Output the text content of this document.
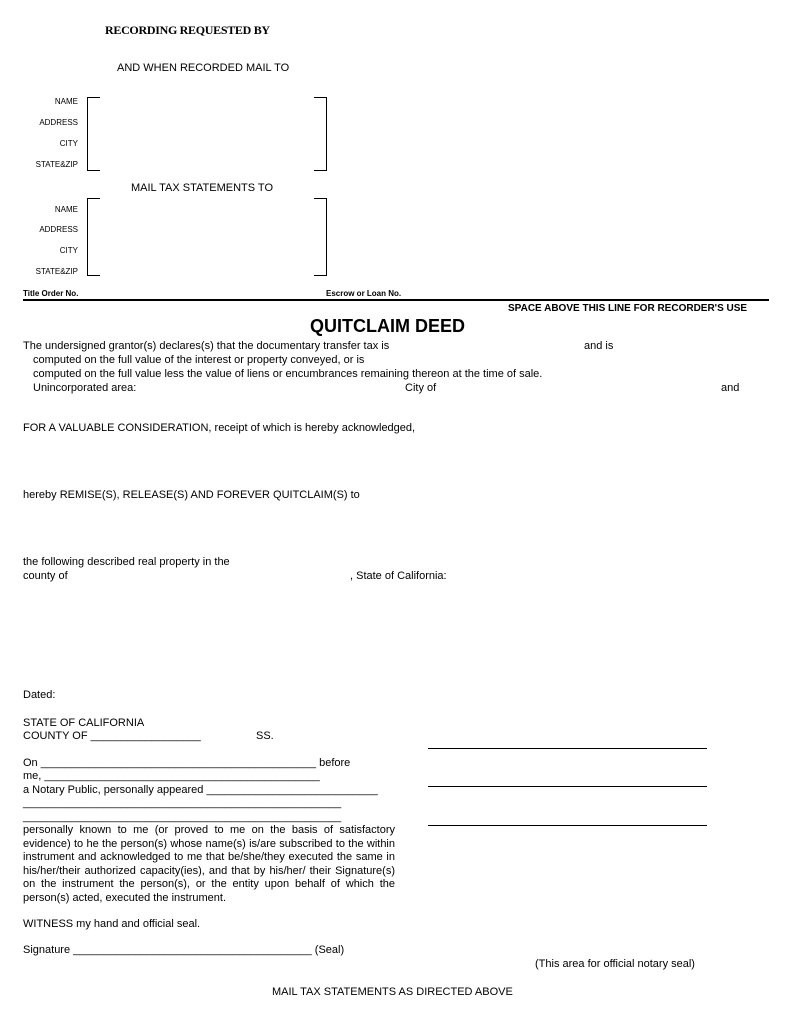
RECORDING REQUESTED BY
AND WHEN RECORDED MAIL TO
NAME
ADDRESS
CITY
STATE&ZIP
MAIL TAX STATEMENTS TO
NAME
ADDRESS
CITY
STATE&ZIP
Title Order No.	Escrow or Loan No.
SPACE ABOVE THIS LINE FOR RECORDER'S USE
QUITCLAIM DEED
The undersigned grantor(s) declares(s) that the documentary transfer tax is	and is
computed on the full value of the interest or property conveyed, or is
computed on the full value less the value of liens or encumbrances remaining thereon at the time of sale.
Unincorporated area:	City of	and
FOR A VALUABLE CONSIDERATION, receipt of which is hereby acknowledged,
hereby REMISE(S), RELEASE(S) AND FOREVER QUITCLAIM(S) to
the following described real property in the
county of	, State of California:
Dated:
STATE OF CALIFORNIA
COUNTY OF __________________	SS.
On _____________________________________________ before
me, _____________________________________________
a Notary Public, personally appeared ____________________________
____________________________________________________
____________________________________________________
personally known to me (or proved to me on the basis of satisfactory evidence) to he the person(s) whose name(s) is/are subscribed to the within instrument and acknowledged to me that be/she/they executed the same in his/her/their authorized capacity(ies), and that by his/her/ their Signature(s) on the instrument the person(s), or the entity upon behalf of which the person(s) acted, executed the instrument.
WITNESS my hand and official seal.
Signature _______________________________________ (Seal)
(This area for official notary seal)
MAIL TAX STATEMENTS AS DIRECTED ABOVE
